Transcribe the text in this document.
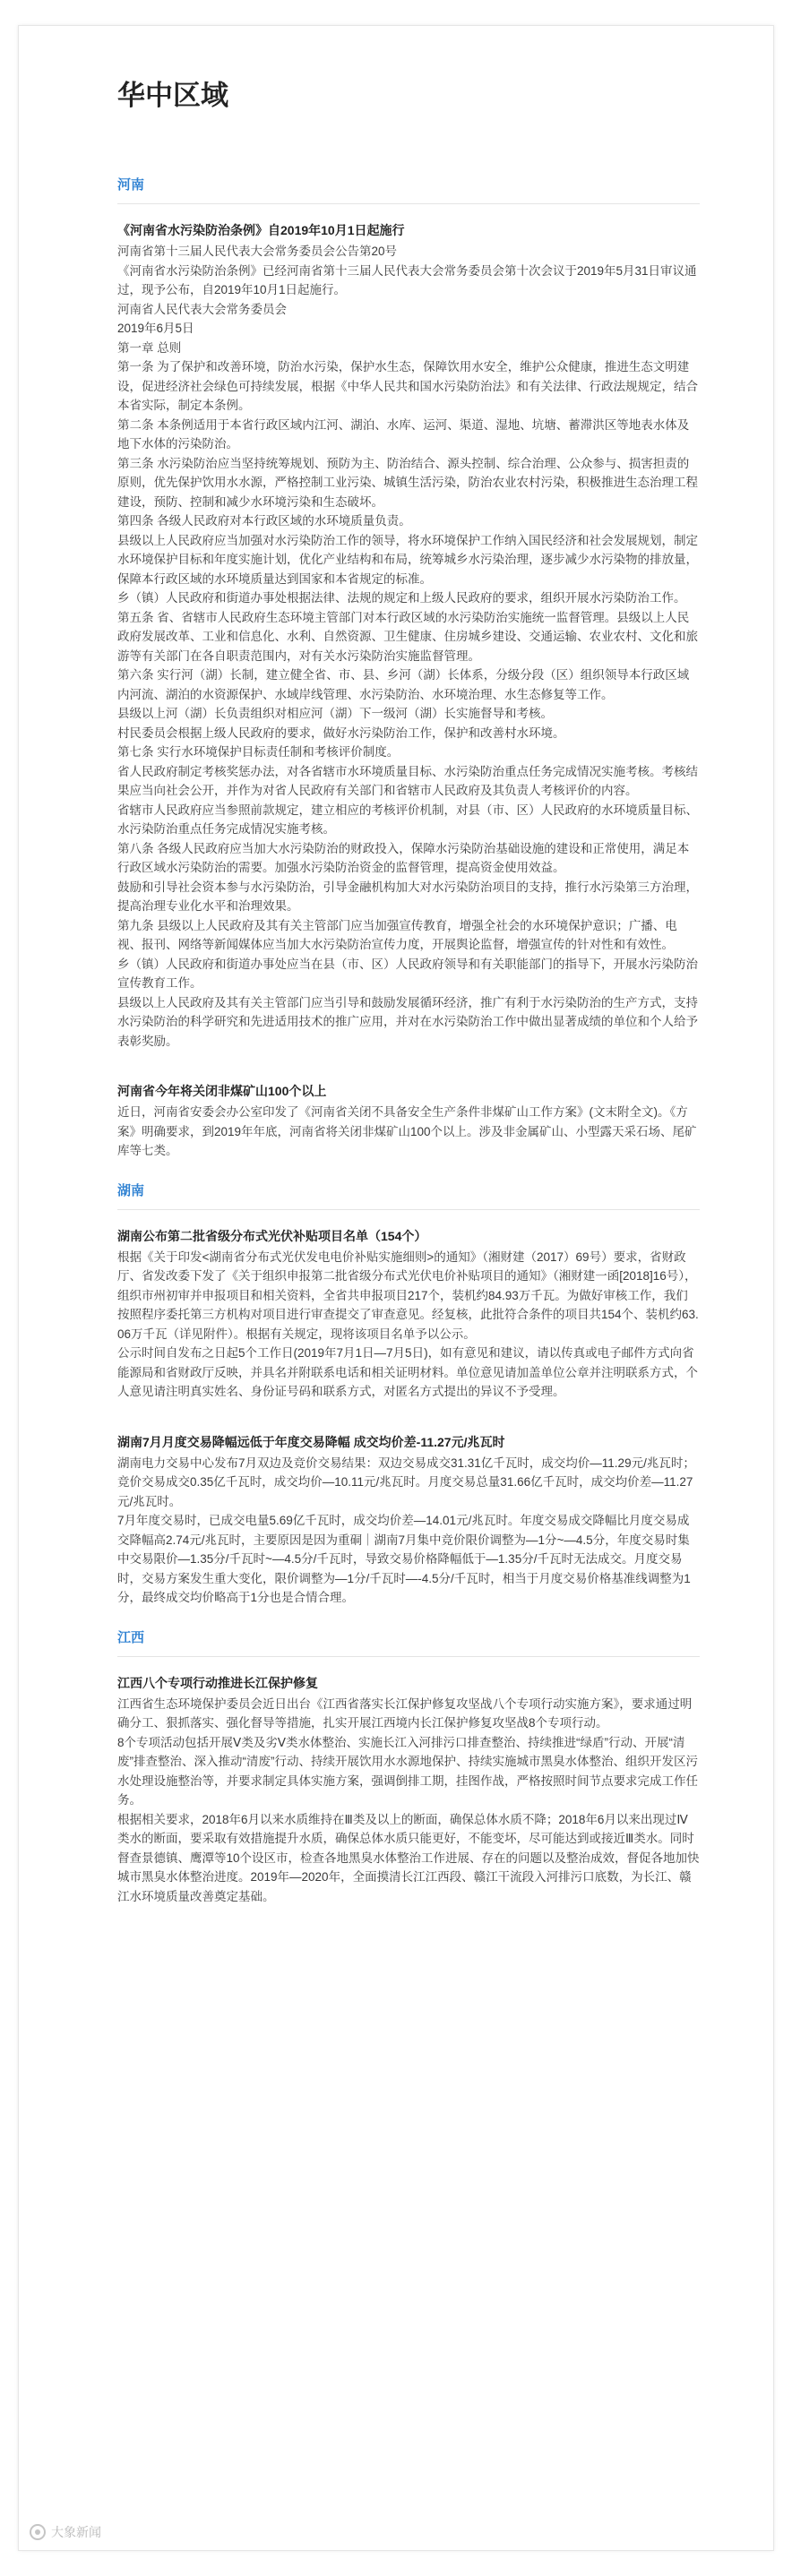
华中区域
河南
《河南省水污染防治条例》自2019年10月1日起施行

河南省第十三届人民代表大会常务委员会公告第20号

《河南省水污染防治条例》已经河南省第十三届人民代表大会常务委员会第十次会议于2019年5月31日审议通过，现予公布，自2019年10月1日起施行。

河南省人民代表大会常务委员会

2019年6月5日

第一章 总则

第一条 为了保护和改善环境，防治水污染，保护水生态，保障饮用水安全，维护公众健康，推进生态文明建设，促进经济社会绿色可持续发展，根据《中华人民共和国水污染防治法》和有关法律、行政法规规定，结合本省实际，制定本条例。

第二条 本条例适用于本省行政区域内江河、湖泊、水库、运河、渠道、湿地、坑塘、蓄滞洪区等地表水体及地下水体的污染防治。

第三条 水污染防治应当坚持统筹规划、预防为主、防治结合、源头控制、综合治理、公众参与、损害担责的原则，优先保护饮用水水源，严格控制工业污染、城镇生活污染，防治农业农村污染，积极推进生态治理工程建设，预防、控制和减少水环境污染和生态破坏。

第四条 各级人民政府对本行政区域的水环境质量负责。

县级以上人民政府应当加强对水污染防治工作的领导，将水环境保护工作纳入国民经济和社会发展规划，制定水环境保护目标和年度实施计划，优化产业结构和布局，统筹城乡水污染治理，逐步减少水污染物的排放量，保障本行政区域的水环境质量达到国家和本省规定的标准。

乡（镇）人民政府和街道办事处根据法律、法规的规定和上级人民政府的要求，组织开展水污染防治工作。

第五条 省、省辖市人民政府生态环境主管部门对本行政区域的水污染防治实施统一监督管理。县级以上人民政府发展改革、工业和信息化、水利、自然资源、卫生健康、住房城乡建设、交通运输、农业农村、文化和旅游等有关部门在各自职责范围内，对有关水污染防治实施监督管理。

第六条 实行河（湖）长制，建立健全省、市、县、乡河（湖）长体系，分级分段（区）组织领导本行政区域内河流、湖泊的水资源保护、水域岸线管理、水污染防治、水环境治理、水生态修复等工作。

县级以上河（湖）长负责组织对相应河（湖）下一级河（湖）长实施督导和考核。

村民委员会根据上级人民政府的要求，做好水污染防治工作，保护和改善村水环境。

第七条 实行水环境保护目标责任制和考核评价制度。

省人民政府制定考核奖惩办法，对各省辖市水环境质量目标、水污染防治重点任务完成情况实施考核。考核结果应当向社会公开，并作为对省人民政府有关部门和省辖市人民政府及其负责人考核评价的内容。

省辖市人民政府应当参照前款规定，建立相应的考核评价机制，对县（市、区）人民政府的水环境质量目标、水污染防治重点任务完成情况实施考核。

第八条 各级人民政府应当加大水污染防治的财政投入，保障水污染防治基础设施的建设和正常使用，满足本行政区域水污染防治的需要。加强水污染防治资金的监督管理，提高资金使用效益。

鼓励和引导社会资本参与水污染防治，引导金融机构加大对水污染防治项目的支持，推行水污染第三方治理，提高治理专业化水平和治理效果。

第九条 县级以上人民政府及其有关主管部门应当加强宣传教育，增强全社会的水环境保护意识；广播、电视、报刊、网络等新闻媒体应当加大水污染防治宣传力度，开展舆论监督，增强宣传的针对性和有效性。

乡（镇）人民政府和街道办事处应当在县（市、区）人民政府领导和有关职能部门的指导下，开展水污染防治宣传教育工作。

县级以上人民政府及其有关主管部门应当引导和鼓励发展循环经济，推广有利于水污染防治的生产方式，支持水污染防治的科学研究和先进适用技术的推广应用，并对在水污染防治工作中做出显著成绩的单位和个人给予表彰奖励。

河南省今年将关闭非煤矿山100个以上

近日，河南省安委会办公室印发了《河南省关闭不具备安全生产条件非煤矿山工作方案》(文末附全文)。《方案》明确要求，到2019年年底，河南省将关闭非煤矿山100个以上。涉及非金属矿山、小型露天采石场、尾矿库等七类。

湖南
湖南公布第二批省级分布式光伏补贴项目名单（154个）

根据《关于印发<湖南省分布式光伏发电电价补贴实施细则>的通知》（湘财建（2017）69号）要求，省财政厅、省发改委下发了《关于组织申报第二批省级分布式光伏电价补贴项目的通知》（湘财建一函[2018]16号），组织市州初审并申报项目和相关资料，全省共申报项目217个，装机约84.93万千瓦。为做好审核工作，我们按照程序委托第三方机构对项目进行审查提交了审查意见。经复核，此批符合条件的项目共154个、装机约63.06万千瓦（详见附件）。根据有关规定，现将该项目名单予以公示。

公示时间自发布之日起5个工作日(2019年7月1日—7月5日)，如有意见和建议，请以传真或电子邮件方式向省能源局和省财政厅反映，并具名并附联系电话和相关证明材料。单位意见请加盖单位公章并注明联系方式，个人意见请注明真实姓名、身份证号码和联系方式，对匿名方式提出的异议不予受理。

湖南7月月度交易降幅远低于年度交易降幅 成交均价差-11.27元/兆瓦时

湖南电力交易中心发布7月双边及竞价交易结果：双边交易成交31.31亿千瓦时，成交均价—11.29元/兆瓦时；竞价交易成交0.35亿千瓦时，成交均价—10.11元/兆瓦时。月度交易总量31.66亿千瓦时，成交均价差—11.27元/兆瓦时。

7月年度交易时，已成交电量5.69亿千瓦时，成交均价差—14.01元/兆瓦时。年度交易成交降幅比月度交易成交降幅高2.74元/兆瓦时，主要原因是因为重硐｜湖南7月集中竞价限价调整为—1分~—4.5分，年度交易时集中交易限价—1.35分/千瓦时~—4.5分/千瓦时，导致交易价格降幅低于—1.35分/千瓦时无法成交。月度交易时，交易方案发生重大变化，限价调整为—1分/千瓦时—-4.5分/千瓦时，相当于月度交易价格基准线调整为1分，最终成交均价略高于1分也是合情合理。

江西
江西八个专项行动推进长江保护修复

江西省生态环境保护委员会近日出台《江西省落实长江保护修复攻坚战八个专项行动实施方案》，要求通过明确分工、狠抓落实、强化督导等措施，扎实开展江西境内长江保护修复攻坚战8个专项行动。

8个专项活动包括开展Ⅴ类及劣Ⅴ类水体整治、实施长江入河排污口排查整治、持续推进“绿盾”行动、开展“清废”排查整治、深入推动“清废”行动、持续开展饮用水水源地保护、持续实施城市黑臭水体整治、组织开发区污水处理设施整治等，并要求制定具体实施方案，强调倒排工期，挂图作战，严格按照时间节点要求完成工作任务。

根据相关要求，2018年6月以来水质维持在Ⅲ类及以上的断面，确保总体水质不降；2018年6月以来出现过Ⅳ类水的断面，要采取有效措施提升水质，确保总体水质只能更好，不能变坏，尽可能达到或接近Ⅲ类水。同时督查景德镇、鹰潭等10个设区市，检查各地黑臭水体整治工作进展、存在的问题以及整治成效，督促各地加快城市黑臭水体整治进度。2019年—2020年，全面摸清长江江西段、赣江干流段入河排污口底数，为长江、赣江水环境质量改善奠定基础。

大象新闻
